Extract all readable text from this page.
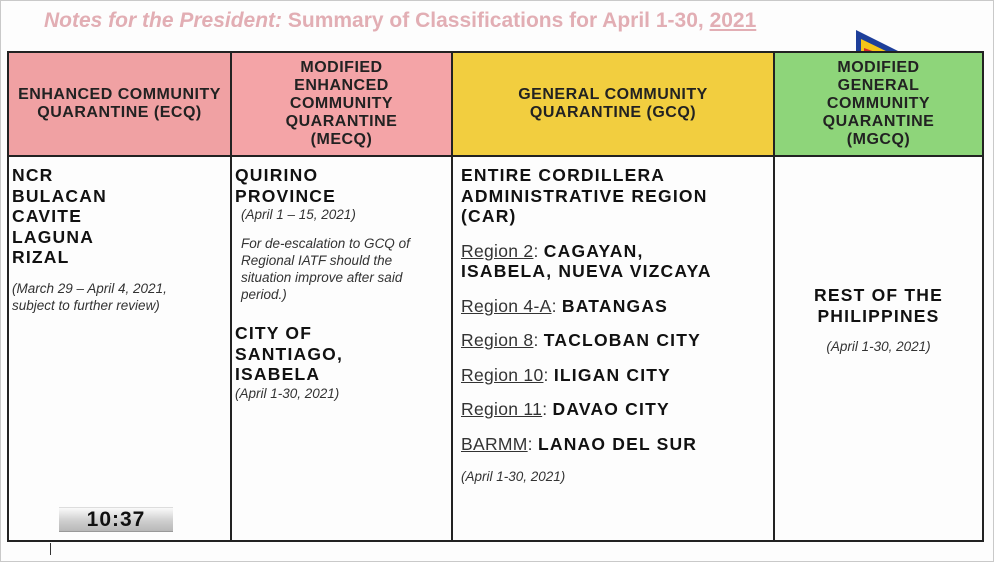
Notes for the President: Summary of Classifications for April 1-30, 2021
ENHANCED COMMUNITY QUARANTINE (ECQ)
NCR
BULACAN
CAVITE
LAGUNA
RIZAL
(March 29 – April 4, 2021, subject to further review)
MODIFIED ENHANCED COMMUNITY QUARANTINE (MECQ)
QUIRINO PROVINCE
(April 1 – 15, 2021)
For de-escalation to GCQ of Regional IATF should the situation improve after said period.)
CITY OF SANTIAGO, ISABELA
(April 1-30, 2021)
GENERAL COMMUNITY QUARANTINE (GCQ)
ENTIRE CORDILLERA ADMINISTRATIVE REGION (CAR)
Region 2: CAGAYAN, ISABELA, NUEVA VIZCAYA
Region 4-A: BATANGAS
Region 8: TACLOBAN CITY
Region 10: ILIGAN CITY
Region 11: DAVAO CITY
BARMM: LANAO DEL SUR
(April 1-30, 2021)
MODIFIED GENERAL COMMUNITY QUARANTINE (MGCQ)
REST OF THE PHILIPPINES
(April 1-30, 2021)
10:37
